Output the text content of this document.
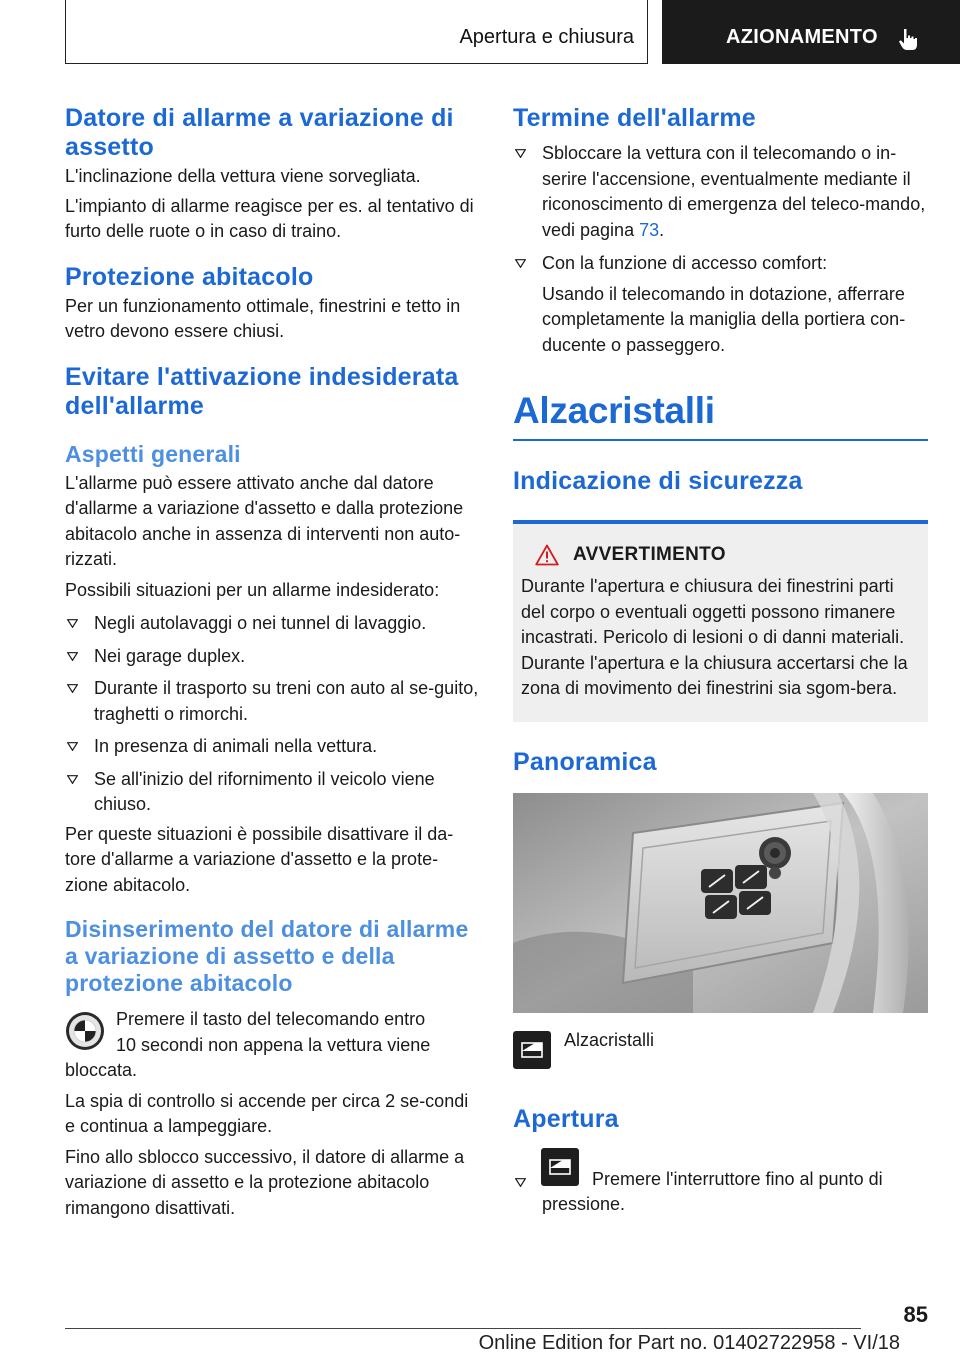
Apertura e chiusura	AZIONAMENTO
Datore di allarme a variazione di assetto

L'inclinazione della vettura viene sorvegliata.

L'impianto di allarme reagisce per es. al tentativo di furto delle ruote o in caso di traino.

Protezione abitacolo

Per un funzionamento ottimale, finestrini e tetto in vetro devono essere chiusi.

Evitare l'attivazione indesiderata dell'allarme
Aspetti generali

L'allarme può essere attivato anche dal datore d'allarme a variazione d'assetto e dalla protezione abitacolo anche in assenza di interventi non auto-rizzati.

Possibili situazioni per un allarme indesiderato:

Negli autolavaggi o nei tunnel di lavaggio.
Nei garage duplex.
Durante il trasporto su treni con auto al se-guito, traghetti o rimorchi.
In presenza di animali nella vettura.
Se all'inizio del rifornimento il veicolo viene chiuso.

Per queste situazioni è possibile disattivare il da-tore d'allarme a variazione d'assetto e la prote-zione abitacolo.

Disinserimento del datore di allarme a variazione di assetto e della protezione abitacolo

Premere il tasto del telecomando entro

10 secondi non appena la vettura viene

bloccata.

La spia di controllo si accende per circa 2 se-condi e continua a lampeggiare.

Fino allo sblocco successivo, il datore di allarme a variazione di assetto e la protezione abitacolo rimangono disattivati.

Termine dell'allarme
Sbloccare la vettura con il telecomando o in-serire l'accensione, eventualmente mediante il riconoscimento di emergenza del teleco-mando, vedi pagina 73.
Con la funzione di accesso comfort:
Usando il telecomando in dotazione, afferrare completamente la maniglia della portiera con-ducente o passeggero.
Alzacristalli
Indicazione di sicurezza
AVVERTIMENTO
Durante l'apertura e chiusura dei finestrini parti del corpo o eventuali oggetti possono rimanere incastrati. Pericolo di lesioni o di danni materiali. Durante l'apertura e la chiusura accertarsi che la zona di movimento dei finestrini sia sgom-bera.
Panoramica
Alzacristalli
Apertura
Premere l'interruttore fino al punto di pressione.
85
Online Edition for Part no. 01402722958 - VI/18
